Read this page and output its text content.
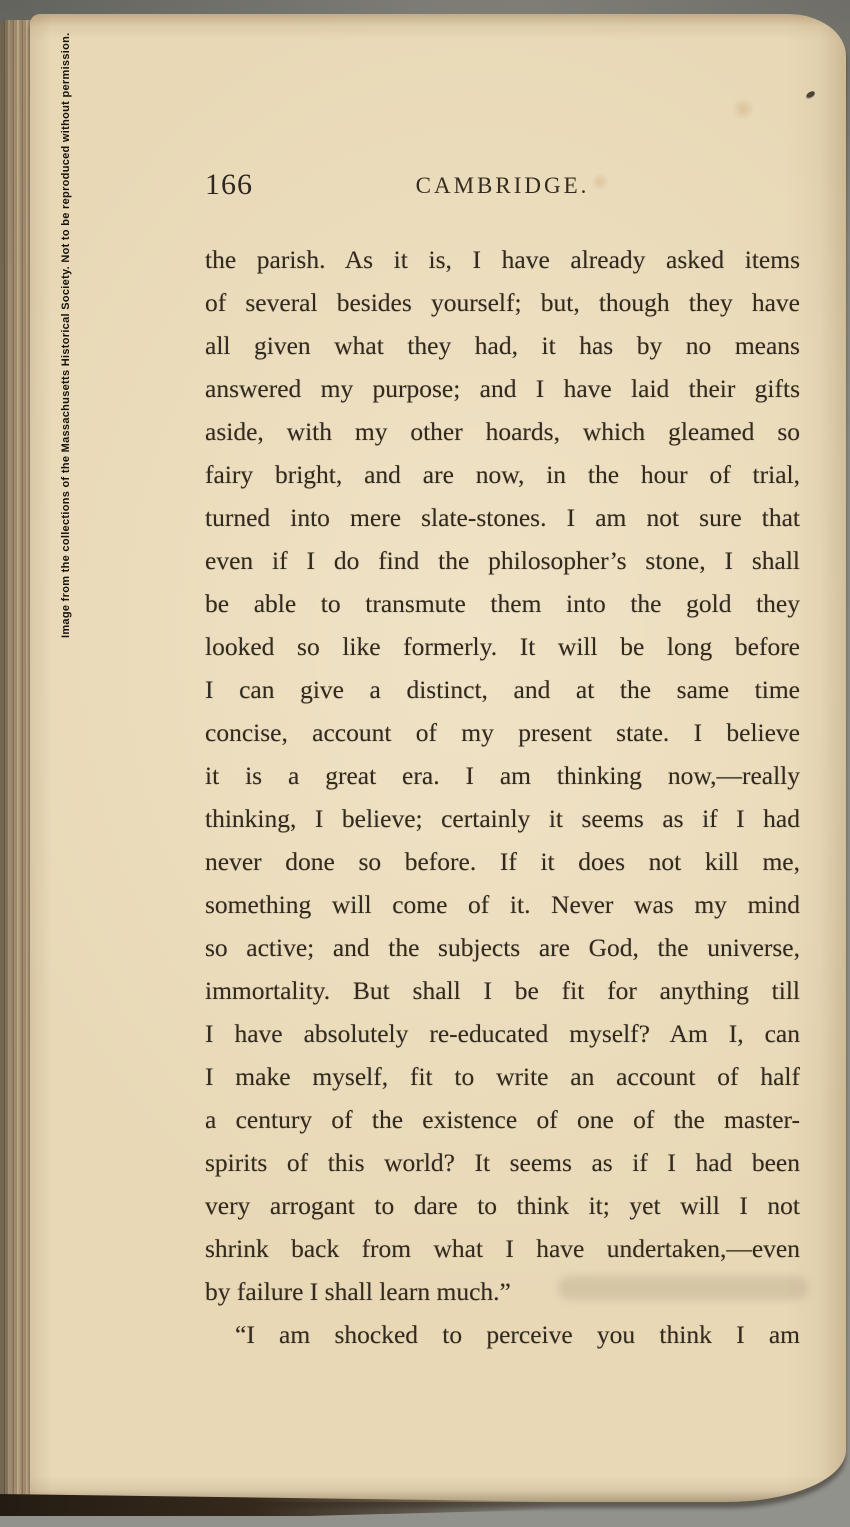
Image from the collections of the Massachusetts Historical Society. Not to be reproduced without permission.	166	CAMBRIDGE.
the parish. As it is, I have already asked items
of several besides yourself; but, though they have
all given what they had, it has by no means
answered my purpose; and I have laid their gifts
aside, with my other hoards, which gleamed so
fairy bright, and are now, in the hour of trial,
turned into mere slate-stones. I am not sure that
even if I do find the philosopher’s stone, I shall
be able to transmute them into the gold they
looked so like formerly. It will be long before
I can give a distinct, and at the same time
concise, account of my present state. I believe
it is a great era. I am thinking now,—really
thinking, I believe; certainly it seems as if I had
never done so before. If it does not kill me,
something will come of it. Never was my mind
so active; and the subjects are God, the universe,
immortality. But shall I be fit for anything till
I have absolutely re-educated myself? Am I, can
I make myself, fit to write an account of half
a century of the existence of one of the master-
spirits of this world? It seems as if I had been
very arrogant to dare to think it; yet will I not
shrink back from what I have undertaken,—even
by failure I shall learn much.”
“I am shocked to perceive you think I am
